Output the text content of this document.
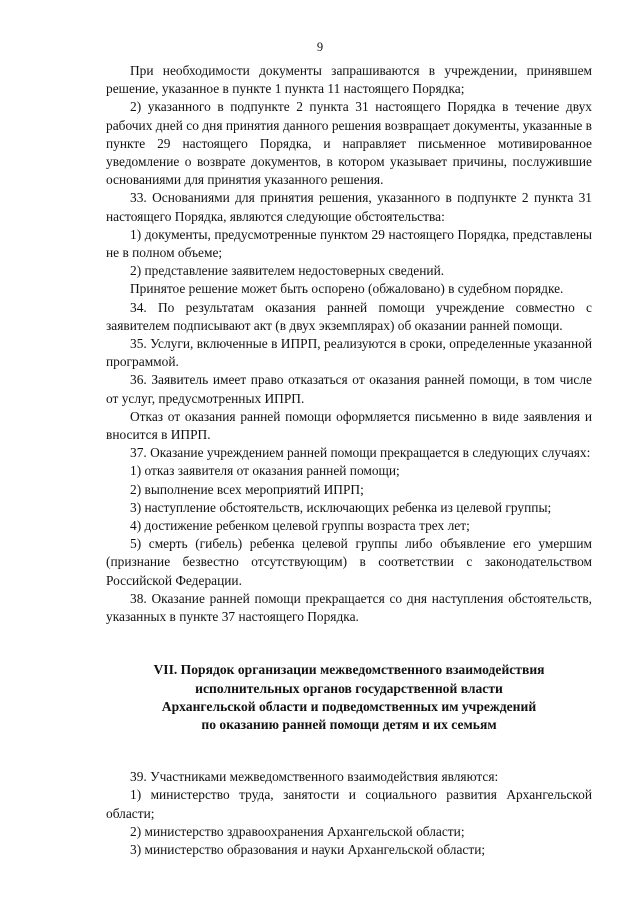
9

При необходимости документы запрашиваются в учреждении, принявшем решение, указанное в пункте 1 пункта 11 настоящего Порядка;

2) указанного в подпункте 2 пункта 31 настоящего Порядка в течение двух рабочих дней со дня принятия данного решения возвращает документы, указанные в пункте 29 настоящего Порядка, и направляет письменное мотивированное уведомление о возврате документов, в котором указывает причины, послужившие основаниями для принятия указанного решения.

33. Основаниями для принятия решения, указанного в подпункте 2 пункта 31 настоящего Порядка, являются следующие обстоятельства:

1) документы, предусмотренные пунктом 29 настоящего Порядка, представлены не в полном объеме;

2) представление заявителем недостоверных сведений.

Принятое решение может быть оспорено (обжаловано) в судебном порядке.

34. По результатам оказания ранней помощи учреждение совместно с заявителем подписывают акт (в двух экземплярах) об оказании ранней помощи.

35. Услуги, включенные в ИПРП, реализуются в сроки, определенные указанной программой.

36. Заявитель имеет право отказаться от оказания ранней помощи, в том числе от услуг, предусмотренных ИПРП.

Отказ от оказания ранней помощи оформляется письменно в виде заявления и вносится в ИПРП.

37. Оказание учреждением ранней помощи прекращается в следующих случаях:

1) отказ заявителя от оказания ранней помощи;

2) выполнение всех мероприятий ИПРП;

3) наступление обстоятельств, исключающих ребенка из целевой группы;

4) достижение ребенком целевой группы возраста трех лет;

5) смерть (гибель) ребенка целевой группы либо объявление его умершим (признание безвестно отсутствующим) в соответствии с законодательством Российской Федерации.

38. Оказание ранней помощи прекращается со дня наступления обстоятельств, указанных в пункте 37 настоящего Порядка.

VII. Порядок организации межведомственного взаимодействия
исполнительных органов государственной власти
Архангельской области и подведомственных им учреждений
по оказанию ранней помощи детям и их семьям

39. Участниками межведомственного взаимодействия являются:

1) министерство труда, занятости и социального развития Архангельской области;

2) министерство здравоохранения Архангельской области;

3) министерство образования и науки Архангельской области;
